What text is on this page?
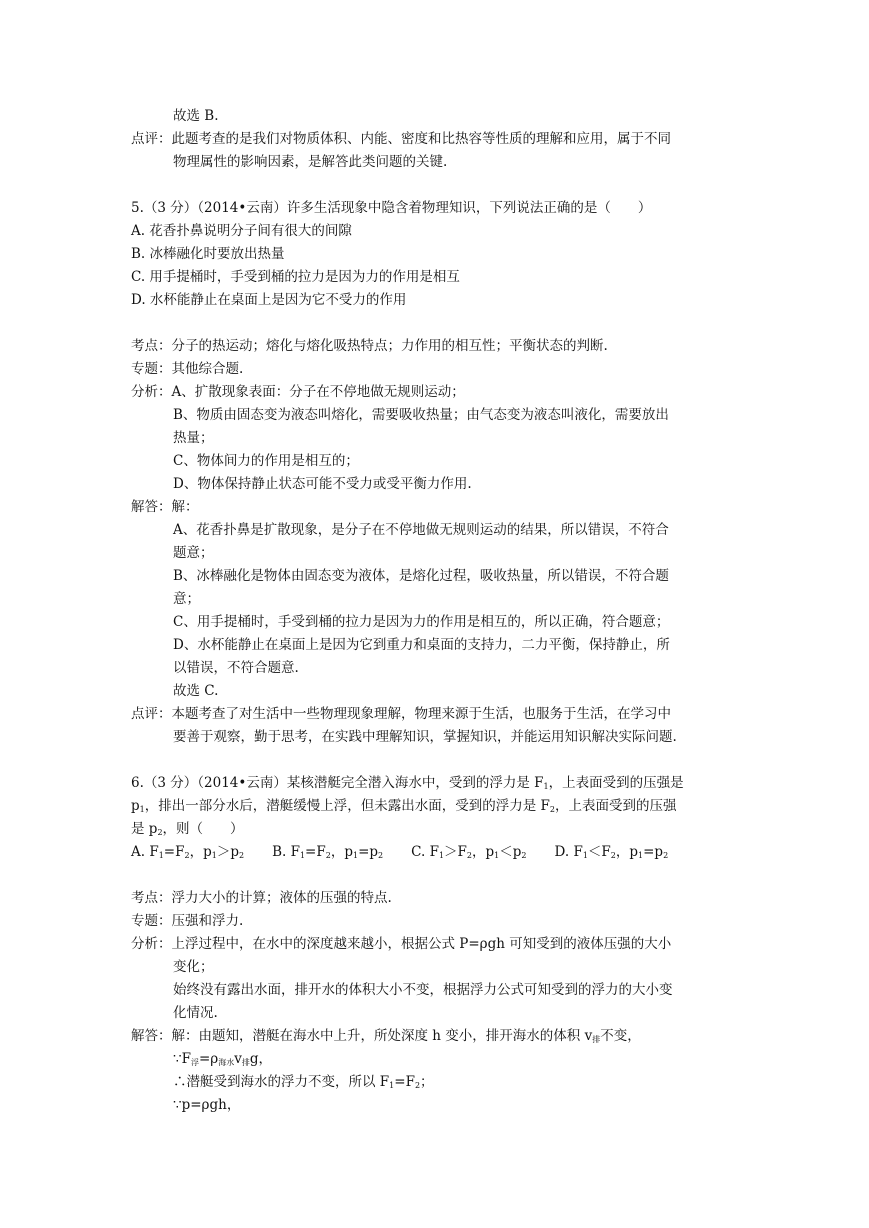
故选 B.
点评：此题考查的是我们对物质体积、内能、密度和比热容等性质的理解和应用，属于不同
物理属性的影响因素，是解答此类问题的关键.
5.（3 分）（2014•云南）许多生活现象中隐含着物理知识，下列说法正确的是（　　）
A. 花香扑鼻说明分子间有很大的间隙
B. 冰棒融化时要放出热量
C. 用手提桶时，手受到桶的拉力是因为力的作用是相互
D. 水杯能静止在桌面上是因为它不受力的作用
考点：分子的热运动；熔化与熔化吸热特点；力作用的相互性；平衡状态的判断.
专题：其他综合题.
分析：A、扩散现象表面：分子在不停地做无规则运动；
B、物质由固态变为液态叫熔化，需要吸收热量；由气态变为液态叫液化，需要放出
热量；
C、物体间力的作用是相互的；
D、物体保持静止状态可能不受力或受平衡力作用.
解答：解：
A、花香扑鼻是扩散现象，是分子在不停地做无规则运动的结果，所以错误，不符合
题意；
B、冰棒融化是物体由固态变为液体，是熔化过程，吸收热量，所以错误，不符合题
意；
C、用手提桶时，手受到桶的拉力是因为力的作用是相互的，所以正确，符合题意；
D、水杯能静止在桌面上是因为它到重力和桌面的支持力，二力平衡，保持静止，所
以错误，不符合题意.
故选 C.
点评：本题考查了对生活中一些物理现象理解，物理来源于生活，也服务于生活，在学习中
要善于观察，勤于思考，在实践中理解知识，掌握知识，并能运用知识解决实际问题.
6.（3 分）（2014•云南）某核潜艇完全潜入海水中，受到的浮力是 $F_1$，上表面受到的压强是
$p_1$，排出一部分水后，潜艇缓慢上浮，但未露出水面，受到的浮力是 $F_2$，上表面受到的压强
是 $p_2$，则（　　）
A. $F_1=F_2$，$p_1>p_2$ B. $F_1=F_2$，$p_1=p_2$ C. $F_1>F_2$，$p_1<p_2$ D. $F_1<F_2$，$p_1=p_2$
考点：浮力大小的计算；液体的压强的特点.
专题：压强和浮力.
分析：上浮过程中，在水中的深度越来越小，根据公式 P=ρgh 可知受到的液体压强的大小
变化；
始终没有露出水面，排开水的体积大小不变，根据浮力公式可知受到的浮力的大小变
化情况.
解答：解：由题知，潜艇在海水中上升，所处深度 h 变小，排开海水的体积 $v_排$不变，
$\because F_浮=\rho_{海水}v_排g$，
∴潜艇受到海水的浮力不变，所以 $F_1=F_2$；
∵p=ρgh，
